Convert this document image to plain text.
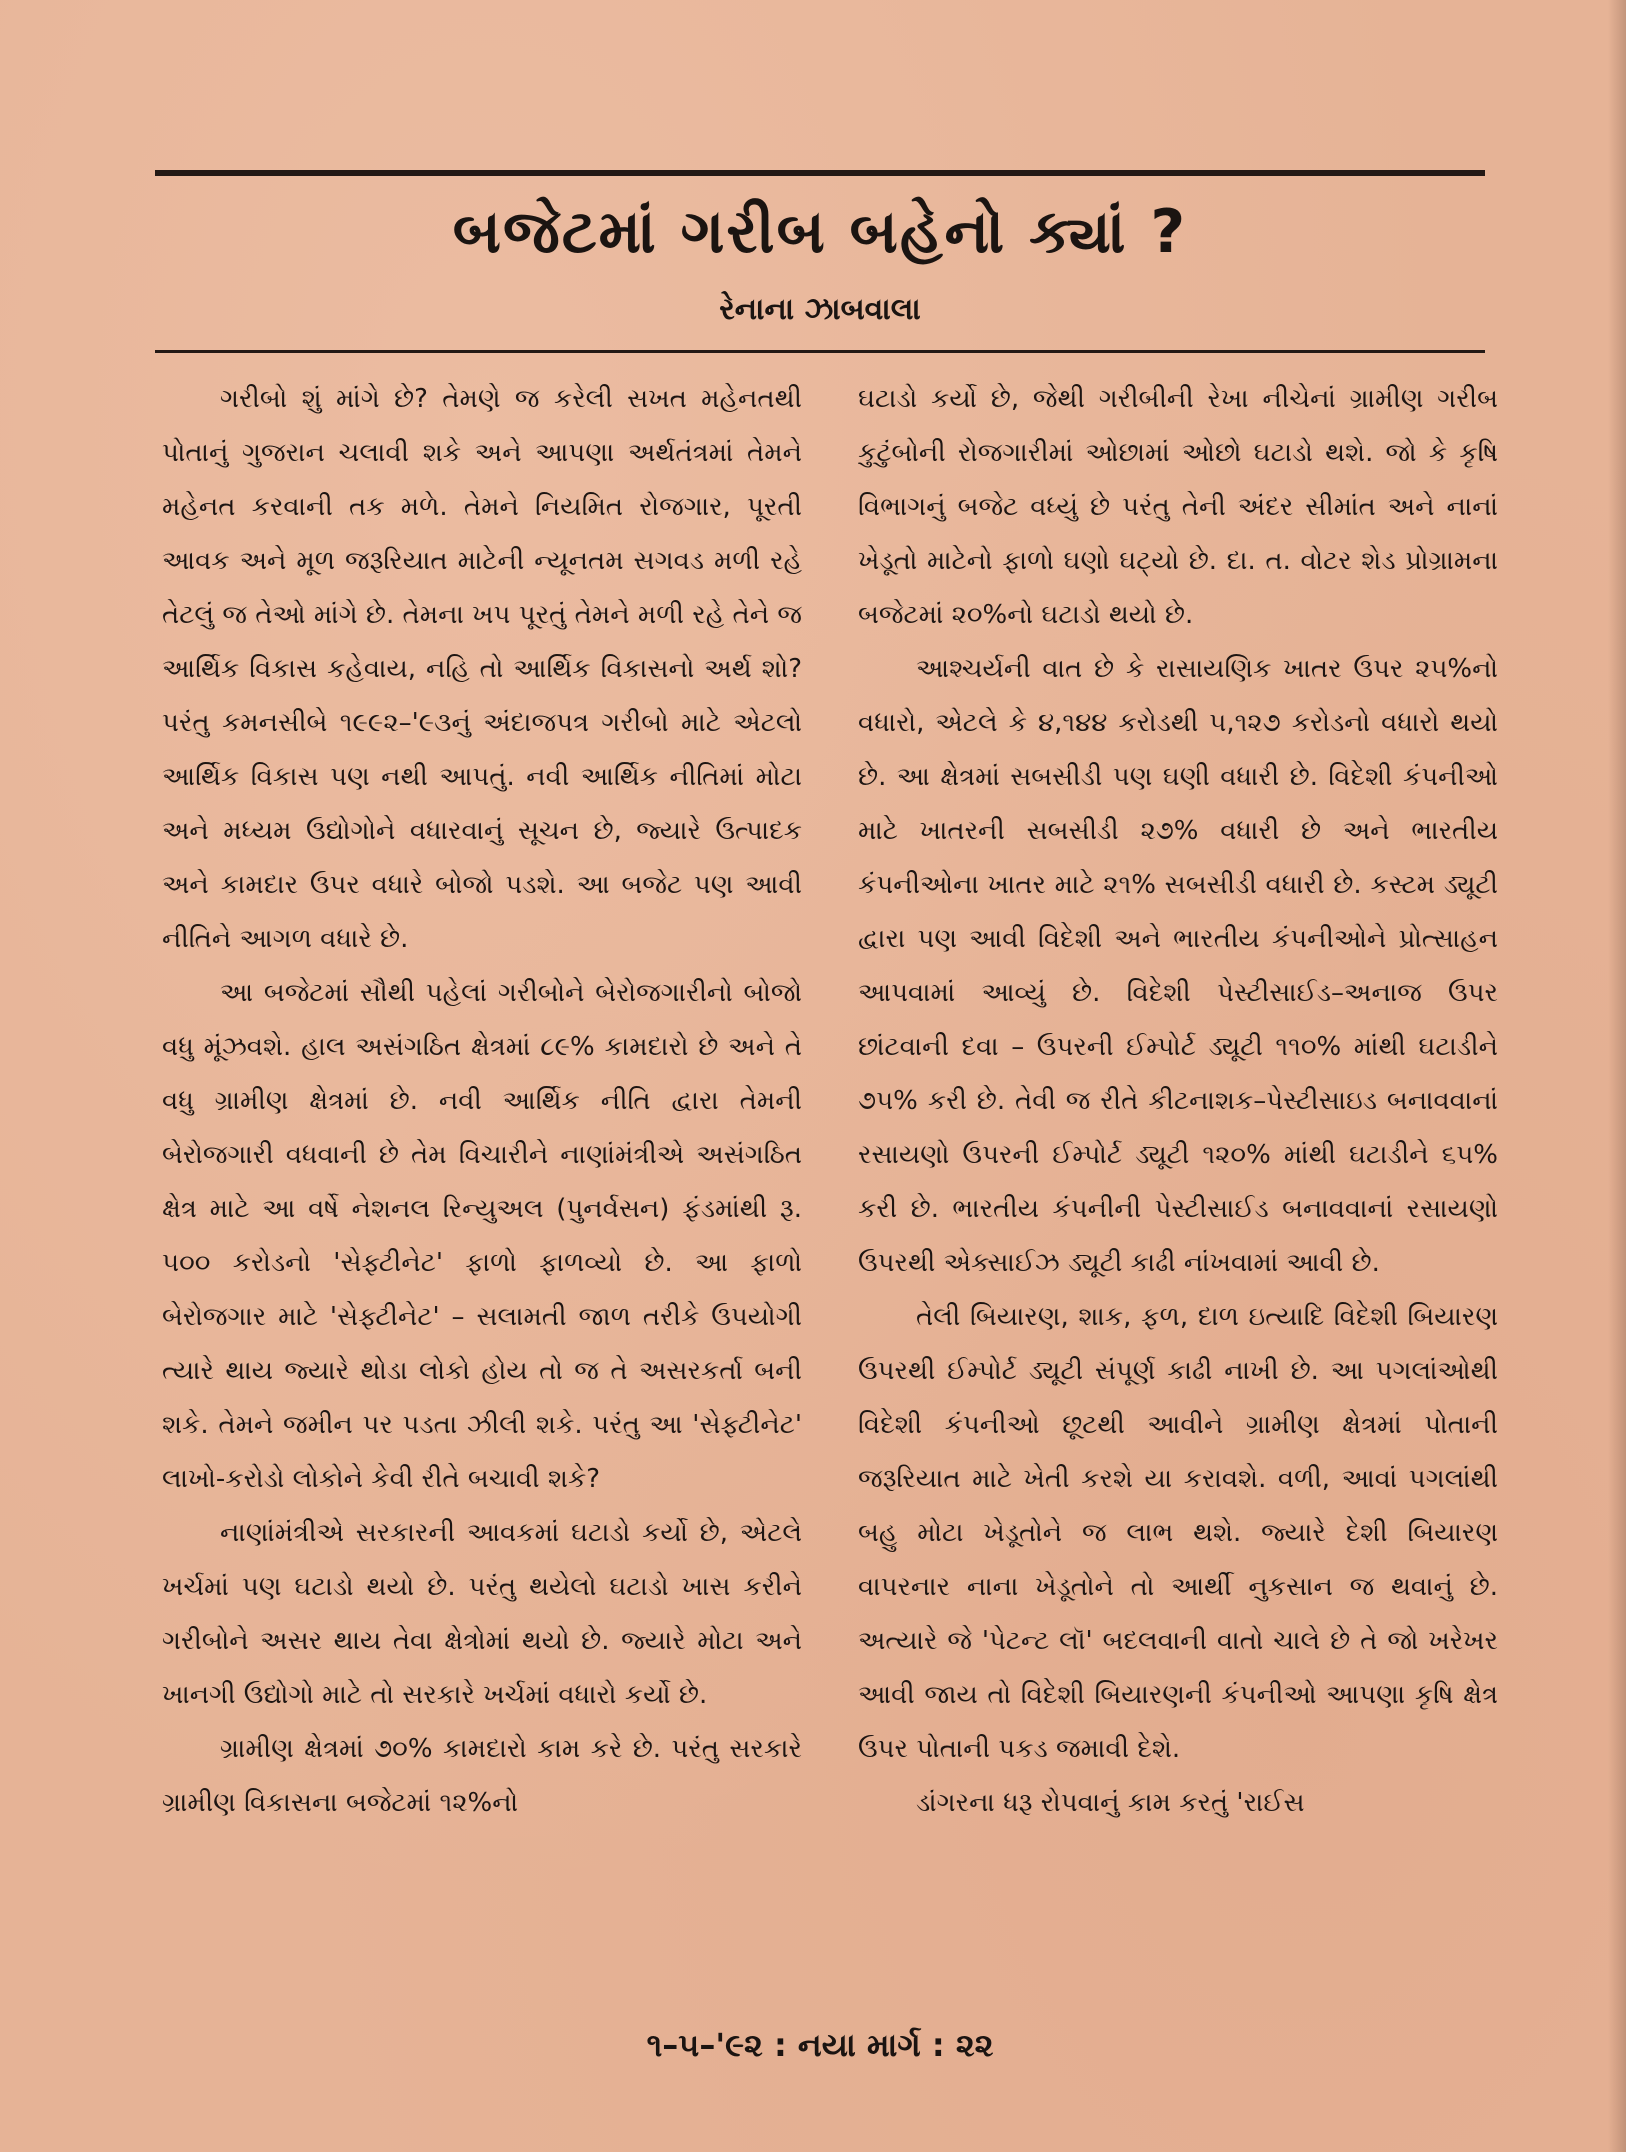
બજેટમાં ગરીબ બહેનો ક્યાં ?
રેનાના ઝાબવાલા

ગરીબો શું માંગે છે? તેમણે જ કરેલી સખત મહેનતથી પોતાનું ગુજરાન ચલાવી શકે અને આપણા અર્થતંત્રમાં તેમને મહેનત કરવાની તક મળે. તેમને નિયમિત રોજગાર, પૂરતી આવક અને મૂળ જરૂરિયાત માટેની ન્યૂનતમ સગવડ મળી રહે તેટલું જ તેઓ માંગે છે. તેમના ખપ પૂરતું તેમને મળી રહે તેને જ આર્થિક વિકાસ કહેવાય, નહિ તો આર્થિક વિકાસનો અર્થ શો? પરંતુ કમનસીબે ૧૯૯૨–'૯૩નું અંદાજપત્ર ગરીબો માટે એટલો આર્થિક વિકાસ પણ નથી આપતું. નવી આર્થિક નીતિમાં મોટા અને મધ્યમ ઉદ્યોગોને વધારવાનું સૂચન છે, જ્યારે ઉત્પાદક અને કામદાર ઉપર વધારે બોજો પડશે. આ બજેટ પણ આવી નીતિને આગળ વધારે છે.

આ બજેટમાં સૌથી પહેલાં ગરીબોને બેરોજગારીનો બોજો વધુ મૂંઝવશે. હાલ અસંગઠિત ક્ષેત્રમાં ૮૯% કામદારો છે અને તે વધુ ગ્રામીણ ક્ષેત્રમાં છે. નવી આર્થિક નીતિ દ્વારા તેમની બેરોજગારી વધવાની છે તેમ વિચારીને નાણાંમંત્રીએ અસંગઠિત ક્ષેત્ર માટે આ વર્ષે નેશનલ રિન્યુઅલ (પુનર્વસન) ફંડમાંથી રૂ. ૫૦૦ કરોડનો 'સેફ્ટીનેટ' ફાળો ફાળવ્યો છે. આ ફાળો બેરોજગાર માટે 'સેફ્ટીનેટ' – સલામતી જાળ તરીકે ઉપયોગી ત્યારે થાય જ્યારે થોડા લોકો હોય તો જ તે અસરકર્તા બની શકે. તેમને જમીન પર પડતા ઝીલી શકે. પરંતુ આ 'સેફ્ટીનેટ' લાખો-કરોડો લોકોને કેવી રીતે બચાવી શકે?

નાણાંમંત્રીએ સરકારની આવકમાં ઘટાડો કર્યો છે, એટલે ખર્ચમાં પણ ઘટાડો થયો છે. પરંતુ થયેલો ઘટાડો ખાસ કરીને ગરીબોને અસર થાય તેવા ક્ષેત્રોમાં થયો છે. જ્યારે મોટા અને ખાનગી ઉદ્યોગો માટે તો સરકારે ખર્ચમાં વધારો કર્યો છે.

ગ્રામીણ ક્ષેત્રમાં ૭૦% કામદારો કામ કરે છે. પરંતુ સરકારે ગ્રામીણ વિકાસના બજેટમાં ૧૨%નો

ઘટાડો કર્યો છે, જેથી ગરીબીની રેખા નીચેનાં ગ્રામીણ ગરીબ કુટુંબોની રોજગારીમાં ઓછામાં ઓછો ઘટાડો થશે. જો કે કૃષિ વિભાગનું બજેટ વધ્યું છે પરંતુ તેની અંદર સીમાંત અને નાનાં ખેડૂતો માટેનો ફાળો ઘણો ઘટ્યો છે. દા. ત. વોટર શેડ પ્રોગ્રામના બજેટમાં ૨૦%નો ઘટાડો થયો છે.

આશ્ચર્યની વાત છે કે રાસાયણિક ખાતર ઉપર ૨૫%નો વધારો, એટલે કે ૪,૧૪૪ કરોડથી ૫,૧૨૭ કરોડનો વધારો થયો છે. આ ક્ષેત્રમાં સબસીડી પણ ઘણી વધારી છે. વિદેશી કંપનીઓ માટે ખાતરની સબસીડી ૨૭% વધારી છે અને ભારતીય કંપનીઓના ખાતર માટે ૨૧% સબસીડી વધારી છે. કસ્ટમ ડ્યૂટી દ્વારા પણ આવી વિદેશી અને ભારતીય કંપનીઓને પ્રોત્સાહન આપવામાં આવ્યું છે. વિદેશી પેસ્ટીસાઈડ–અનાજ ઉપર છાંટવાની દવા – ઉપરની ઈમ્પોર્ટ ડ્યૂટી ૧૧૦% માંથી ઘટાડીને ૭૫% કરી છે. તેવી જ રીતે કીટનાશક–પેસ્ટીસાઇડ બનાવવાનાં રસાયણો ઉપરની ઈમ્પોર્ટ ડ્યૂટી ૧૨૦% માંથી ઘટાડીને ૬૫% કરી છે. ભારતીય કંપનીની પેસ્ટીસાઈડ બનાવવાનાં રસાયણો ઉપરથી એક્સાઈઝ ડ્યૂટી કાઢી નાંખવામાં આવી છે.

તેલી બિયારણ, શાક, ફળ, દાળ ઇત્યાદિ વિદેશી બિયારણ ઉપરથી ઈમ્પોર્ટ ડ્યૂટી સંપૂર્ણ કાઢી નાખી છે. આ પગલાંઓથી વિદેશી કંપનીઓ છૂટથી આવીને ગ્રામીણ ક્ષેત્રમાં પોતાની જરૂરિયાત માટે ખેતી કરશે યા કરાવશે. વળી, આવાં પગલાંથી બહુ મોટા ખેડૂતોને જ લાભ થશે. જ્યારે દેશી બિયારણ વાપરનાર નાના ખેડૂતોને તો આર્થી નુકસાન જ થવાનું છે. અત્યારે જે 'પેટન્ટ લૉ' બદલવાની વાતો ચાલે છે તે જો ખરેખર આવી જાય તો વિદેશી બિયારણની કંપનીઓ આપણા કૃષિ ક્ષેત્ર ઉપર પોતાની પકડ જમાવી દેશે.

ડાંગરના ધરૂ રોપવાનું કામ કરતું 'રાઈસ

૧–૫–'૯૨ : નયા માર્ગ : ૨૨
